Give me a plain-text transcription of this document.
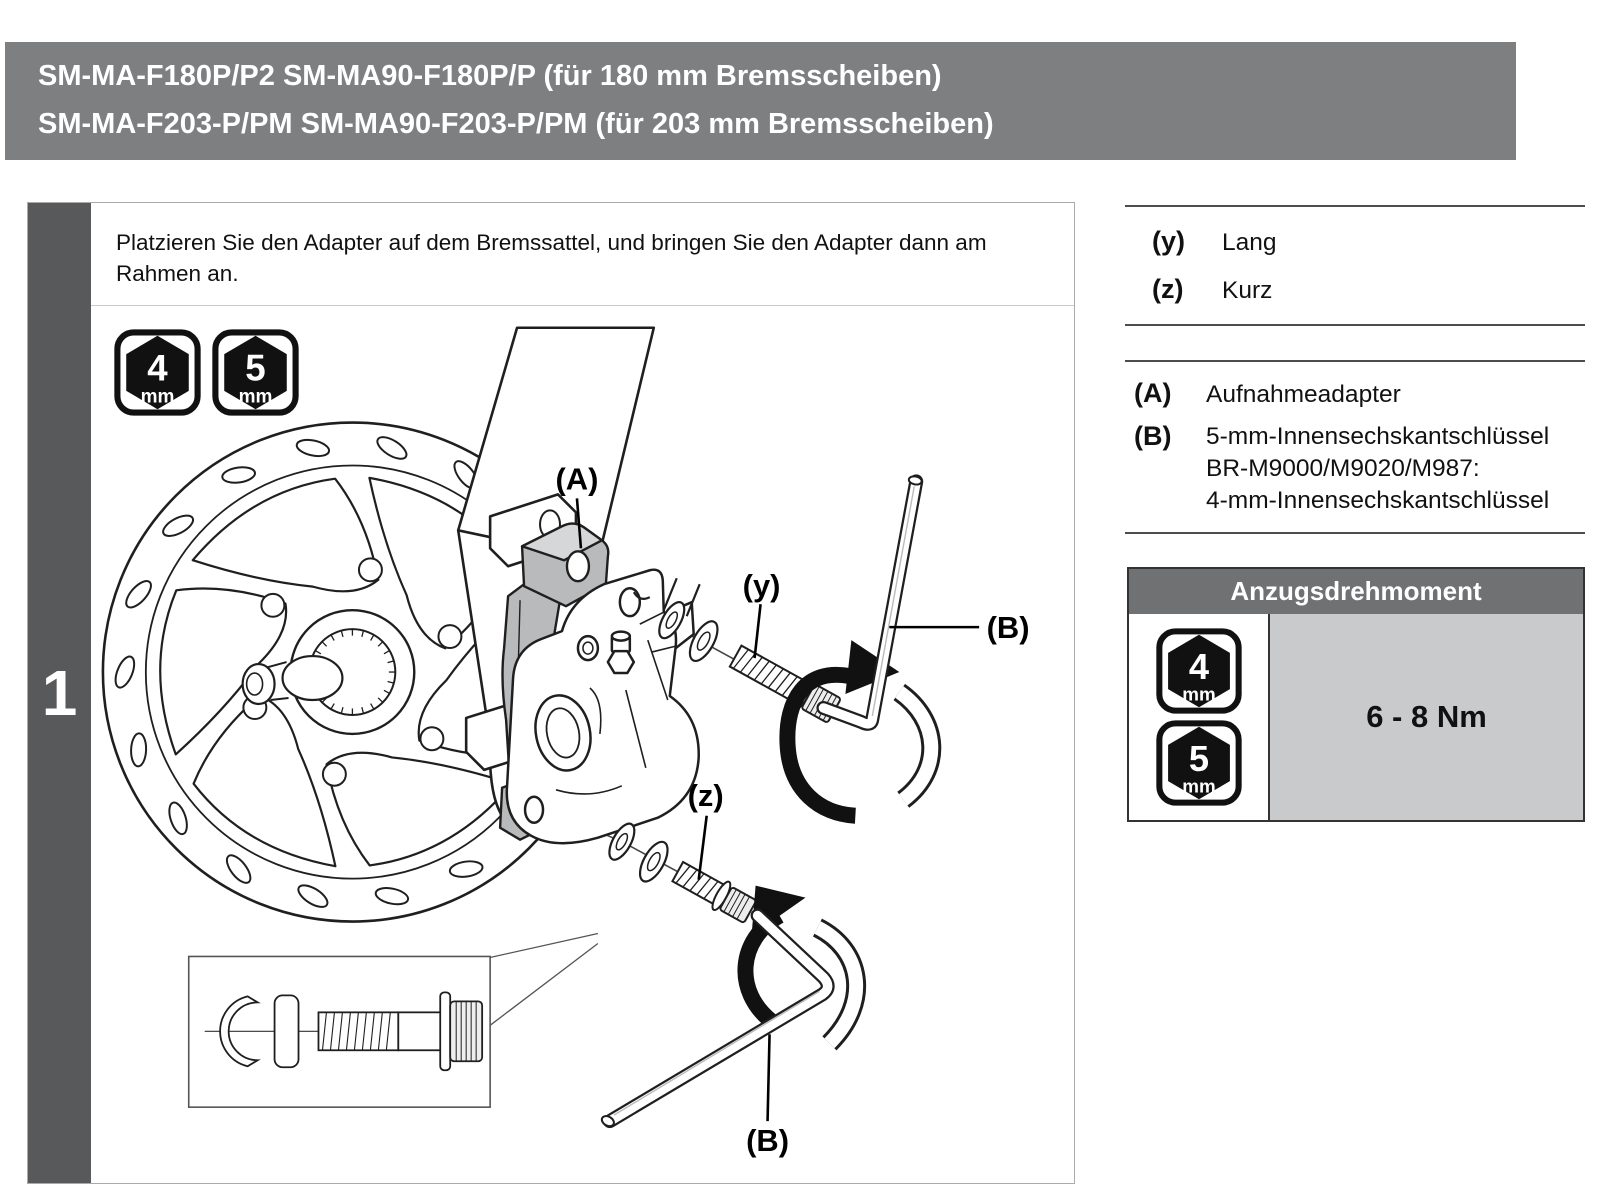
SM-MA-F180P/P2 SM-MA90-F180P/P (für 180 mm Bremsscheiben)
SM-MA-F203-P/PM SM-MA90-F203-P/PM (für 203 mm Bremsscheiben)
1
Platzieren Sie den Adapter auf dem Bremssattel, und bringen Sie den Adapter dann am
Rahmen an.
(A)
(y)
(z)
(B)
(B)
4
mm
5
mm
(y)	Lang
(z)	Kurz
(A)	Aufnahmeadapter
(B)	5-mm-Innensechskantschlüssel
BR-M9000/M9020/M987:
4-mm-Innensechskantschlüssel
Anzugsdrehmoment
4
mm
5
mm
6 - 8 Nm
